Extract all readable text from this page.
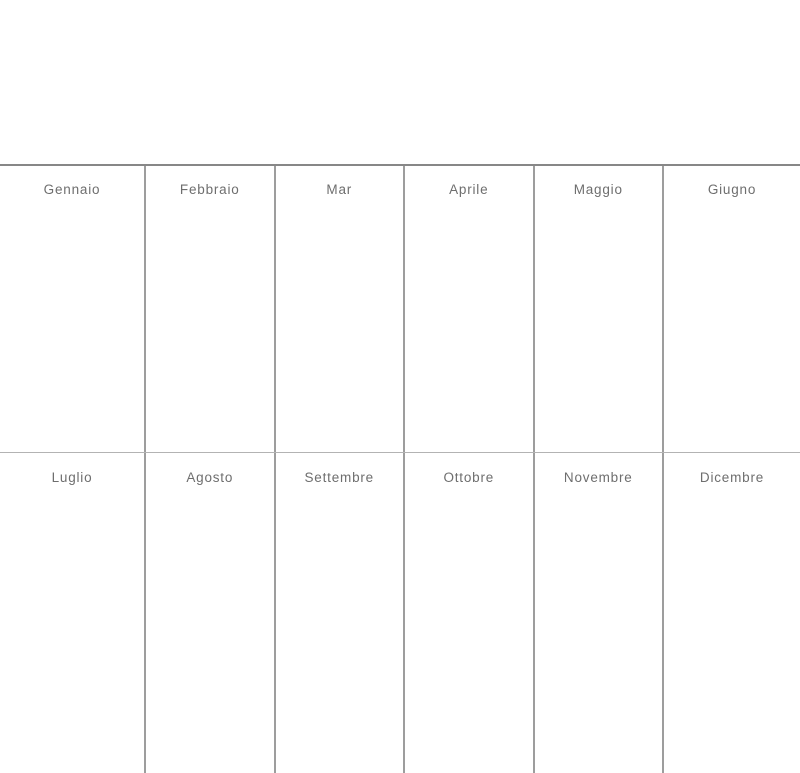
Gennaio	Febbraio	Mar	Aprile	Maggio	Giugno
Luglio	Agosto	Settembre	Ottobre	Novembre	Dicembre
